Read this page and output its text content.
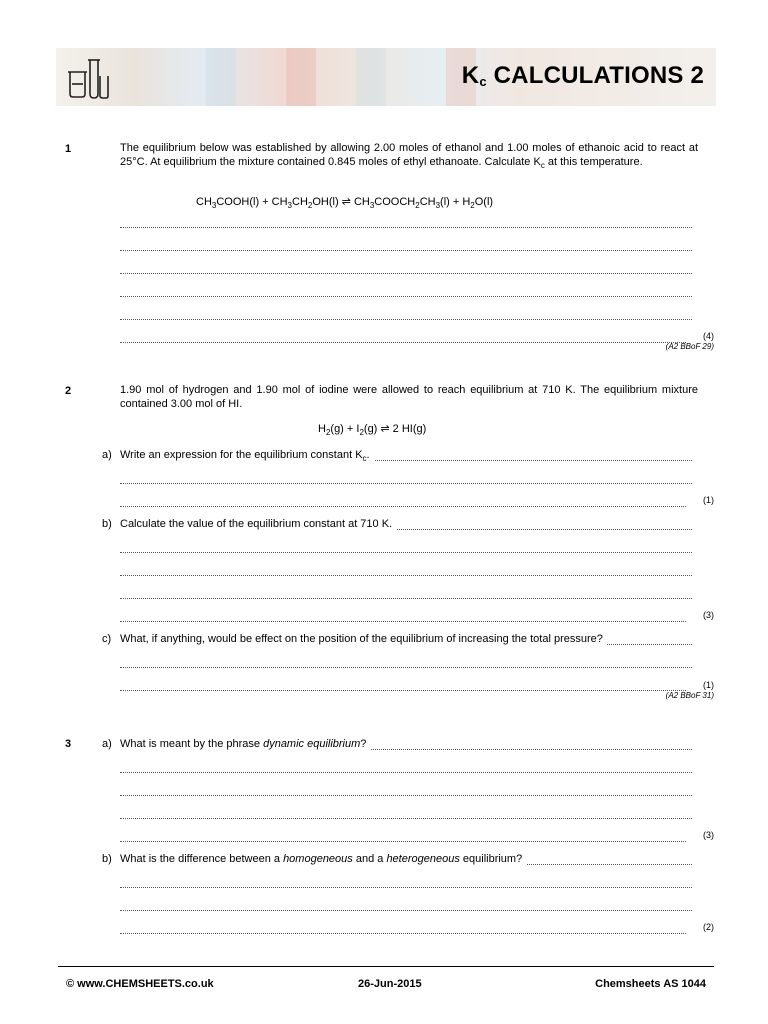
$K_c$ CALCULATIONS 2
1	The equilibrium below was established by allowing 2.00 moles of ethanol and 1.00 moles of ethanoic acid to react at 25°C. At equilibrium the mixture contained 0.845 moles of ethyl ethanoate. Calculate $K_c$ at this temperature.
$CH_3COOH(l) + CH_3CH_2OH(l)$ ⇌ $CH_3COOCH_2CH_3(l) + H_2O(l)$
(4)
(A2 BBoF 29)
2	1.90 mol of hydrogen and 1.90 mol of iodine were allowed to reach equilibrium at 710 K. The equilibrium mixture contained 3.00 mol of HI.
$H_2(g) + I_2(g)$ ⇌ 2 HI(g)
a) Write an expression for the equilibrium constant $K_c$.
(1)
b) Calculate the value of the equilibrium constant at 710 K.
(3)
c) What, if anything, would be effect on the position of the equilibrium of increasing the total pressure?
(1)
(A2 BBoF 31)
3	a) What is meant by the phrase dynamic equilibrium?
(3)
b) What is the difference between a homogeneous and a heterogeneous equilibrium?
(2)
© www.CHEMSHEETS.co.uk	26-Jun-2015	Chemsheets AS 1044
